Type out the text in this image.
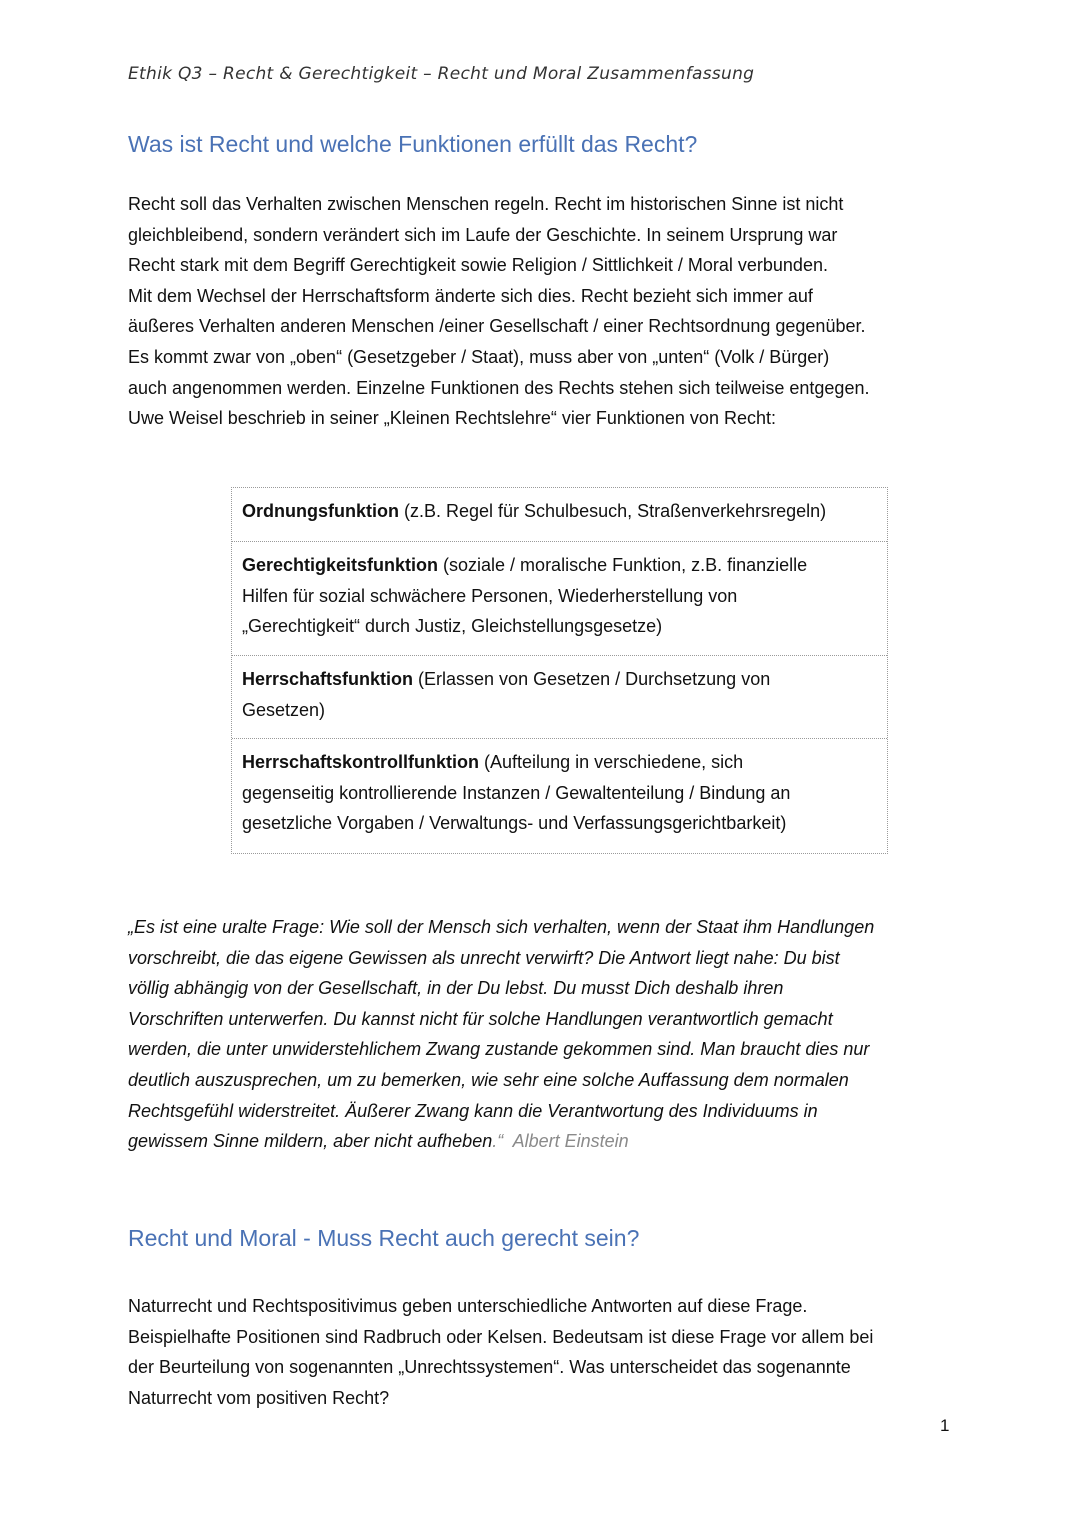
Ethik Q3 – Recht & Gerechtigkeit – Recht und Moral Zusammenfassung
Was ist Recht und welche Funktionen erfüllt das Recht?
Recht soll das Verhalten zwischen Menschen regeln. Recht im historischen Sinne ist nicht
gleichbleibend, sondern verändert sich im Laufe der Geschichte. In seinem Ursprung war
Recht stark mit dem Begriff Gerechtigkeit sowie Religion / Sittlichkeit / Moral verbunden.
Mit dem Wechsel der Herrschaftsform änderte sich dies. Recht bezieht sich immer auf
äußeres Verhalten anderen Menschen /einer Gesellschaft / einer Rechtsordnung gegenüber.
Es kommt zwar von „oben“ (Gesetzgeber / Staat), muss aber von „unten“ (Volk / Bürger)
auch angenommen werden. Einzelne Funktionen des Rechts stehen sich teilweise entgegen.
Uwe Weisel beschrieb in seiner „Kleinen Rechtslehre“ vier Funktionen von Recht:
Ordnungsfunktion (z.B. Regel für Schulbesuch, Straßenverkehrsregeln)
Gerechtigkeitsfunktion (soziale / moralische Funktion, z.B. finanzielle
Hilfen für sozial schwächere Personen, Wiederherstellung von
„Gerechtigkeit“ durch Justiz, Gleichstellungsgesetze)
Herrschaftsfunktion (Erlassen von Gesetzen / Durchsetzung von
Gesetzen)
Herrschaftskontrollfunktion (Aufteilung in verschiedene, sich
gegenseitig kontrollierende Instanzen / Gewaltenteilung / Bindung an
gesetzliche Vorgaben / Verwaltungs- und Verfassungsgerichtbarkeit)
„Es ist eine uralte Frage: Wie soll der Mensch sich verhalten, wenn der Staat ihm Handlungen
vorschreibt, die das eigene Gewissen als unrecht verwirft? Die Antwort liegt nahe: Du bist
völlig abhängig von der Gesellschaft, in der Du lebst. Du musst Dich deshalb ihren
Vorschriften unterwerfen. Du kannst nicht für solche Handlungen verantwortlich gemacht
werden, die unter unwiderstehlichem Zwang zustande gekommen sind. Man braucht dies nur
deutlich auszusprechen, um zu bemerken, wie sehr eine solche Auffassung dem normalen
Rechtsgefühl widerstreitet. Äußerer Zwang kann die Verantwortung des Individuums in
gewissem Sinne mildern, aber nicht aufheben.“ Albert Einstein
Recht und Moral - Muss Recht auch gerecht sein?
Naturrecht und Rechtspositivimus geben unterschiedliche Antworten auf diese Frage.
Beispielhafte Positionen sind Radbruch oder Kelsen. Bedeutsam ist diese Frage vor allem bei
der Beurteilung von sogenannten „Unrechtssystemen“. Was unterscheidet das sogenannte
Naturrecht vom positiven Recht?
1
